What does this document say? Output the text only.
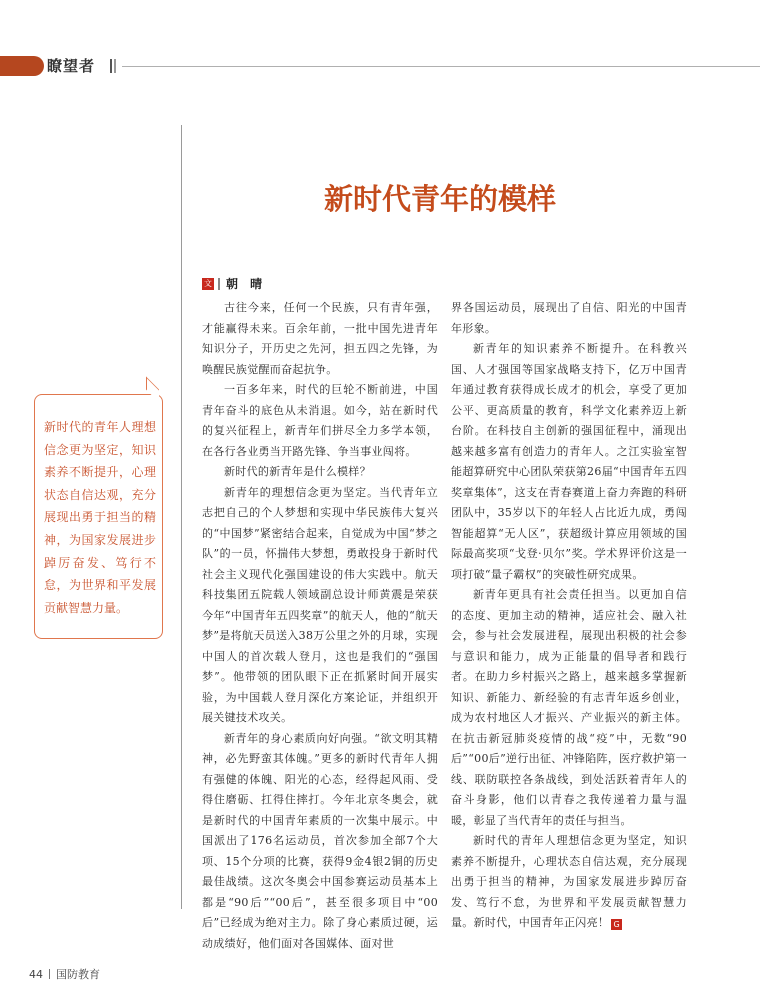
瞭望者
新时代青年的模样
文 朝 晴
新时代的青年人理想信念更为坚定，知识素养不断提升，心理状态自信达观，充分展现出勇于担当的精神，为国家发展进步踔厉奋发、笃行不怠，为世界和平发展贡献智慧力量。

古往今来，任何一个民族，只有青年强，才能赢得未来。百余年前，一批中国先进青年知识分子，开历史之先河，担五四之先锋，为唤醒民族觉醒而奋起抗争。

一百多年来，时代的巨轮不断前进，中国青年奋斗的底色从未消退。如今，站在新时代的复兴征程上，新青年们拼尽全力多学本领，在各行各业勇当开路先锋、争当事业闯将。

新时代的新青年是什么模样？

新青年的理想信念更为坚定。当代青年立志把自己的个人梦想和实现中华民族伟大复兴的“中国梦”紧密结合起来，自觉成为中国“梦之队”的一员，怀揣伟大梦想，勇敢投身于新时代社会主义现代化强国建设的伟大实践中。航天科技集团五院载人领域副总设计师黄震是荣获今年“中国青年五四奖章”的航天人，他的“航天梦”是将航天员送入38万公里之外的月球，实现中国人的首次载人登月，这也是我们的“强国梦”。他带领的团队眼下正在抓紧时间开展实验，为中国载人登月深化方案论证，并组织开展关键技术攻关。

新青年的身心素质向好向强。“欲文明其精神，必先野蛮其体魄。”更多的新时代青年人拥有强健的体魄、阳光的心态，经得起风雨、受得住磨砺、扛得住摔打。今年北京冬奥会，就是新时代的中国青年素质的一次集中展示。中国派出了176名运动员，首次参加全部7个大项、15个分项的比赛，获得9金4银2铜的历史最佳战绩。这次冬奥会中国参赛运动员基本上都是“90后”“00后”，甚至很多项目中“00后”已经成为绝对主力。除了身心素质过硬，运动成绩好，他们面对各国媒体、面对世

界各国运动员，展现出了自信、阳光的中国青年形象。

新青年的知识素养不断提升。在科教兴国、人才强国等国家战略支持下，亿万中国青年通过教育获得成长成才的机会，享受了更加公平、更高质量的教育，科学文化素养迈上新台阶。在科技自主创新的强国征程中，涌现出越来越多富有创造力的青年人。之江实验室智能超算研究中心团队荣获第26届“中国青年五四奖章集体”，这支在青春赛道上奋力奔跑的科研团队中，35岁以下的年轻人占比近九成，勇闯智能超算“无人区”，获超级计算应用领域的国际最高奖项“戈登·贝尔”奖。学术界评价这是一项打破“量子霸权”的突破性研究成果。

新青年更具有社会责任担当。以更加自信的态度、更加主动的精神，适应社会、融入社会，参与社会发展进程，展现出积极的社会参与意识和能力，成为正能量的倡导者和践行者。在助力乡村振兴之路上，越来越多掌握新知识、新能力、新经验的有志青年返乡创业，成为农村地区人才振兴、产业振兴的新主体。在抗击新冠肺炎疫情的战“疫”中，无数“90后”“00后”逆行出征、冲锋陷阵，医疗救护第一线、联防联控各条战线，到处活跃着青年人的奋斗身影，他们以青春之我传递着力量与温暖，彰显了当代青年的责任与担当。

新时代的青年人理想信念更为坚定，知识素养不断提升，心理状态自信达观，充分展现出勇于担当的精神，为国家发展进步踔厉奋发、笃行不怠，为世界和平发展贡献智慧力量。新时代，中国青年正闪亮！ G

44 国防教育
